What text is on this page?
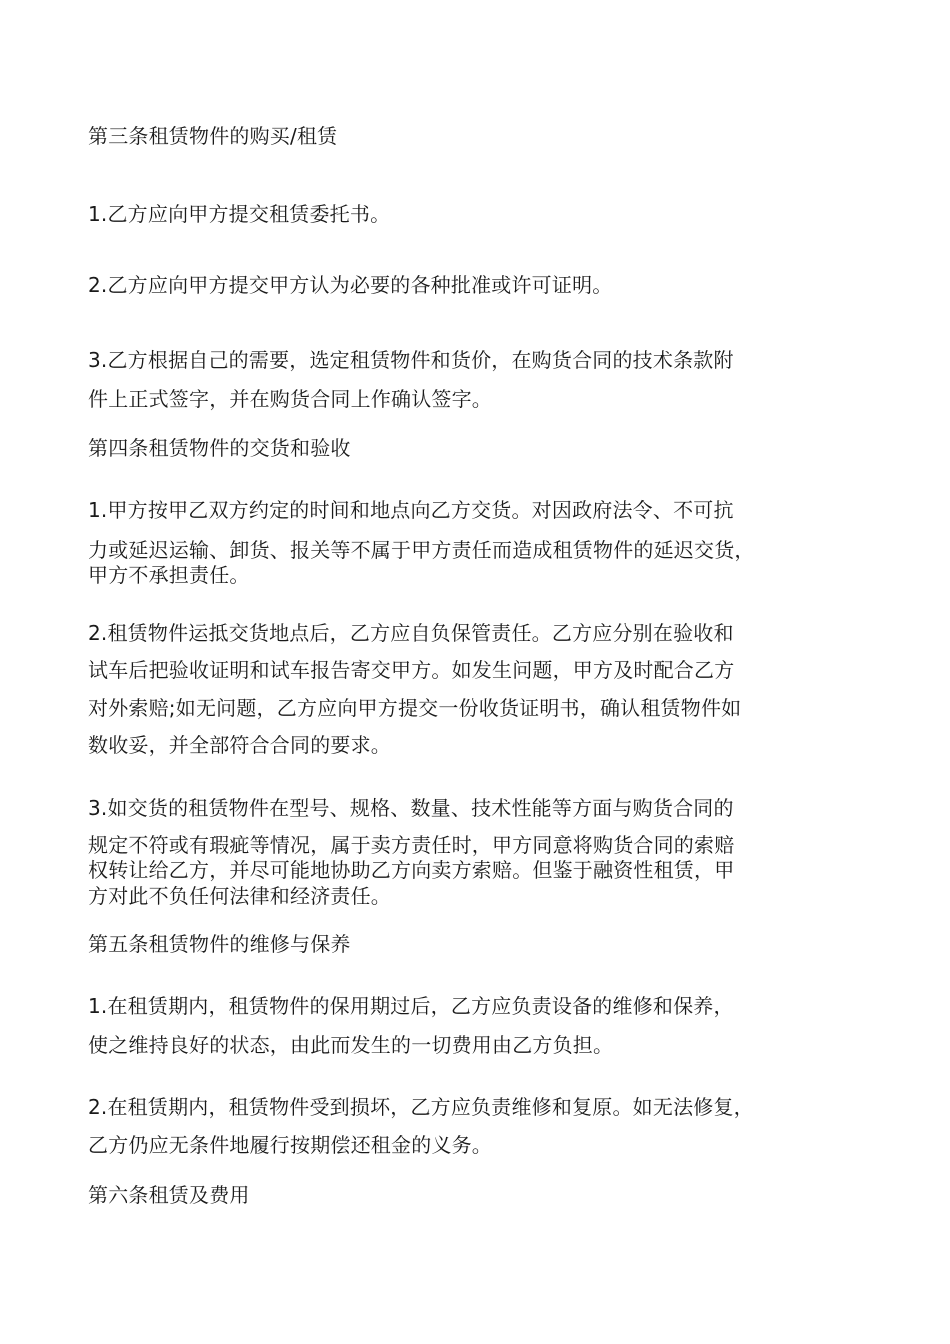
第三条租赁物件的购买/租赁
1.乙方应向甲方提交租赁委托书。
2.乙方应向甲方提交甲方认为必要的各种批准或许可证明。
3.乙方根据自己的需要，选定租赁物件和货价，在购货合同的技术条款附
件上正式签字，并在购货合同上作确认签字。
第四条租赁物件的交货和验收
1.甲方按甲乙双方约定的时间和地点向乙方交货。对因政府法令、不可抗
力或延迟运输、卸货、报关等不属于甲方责任而造成租赁物件的延迟交货，
甲方不承担责任。
2.租赁物件运抵交货地点后，乙方应自负保管责任。乙方应分别在验收和
试车后把验收证明和试车报告寄交甲方。如发生问题，甲方及时配合乙方
对外索赔;如无问题，乙方应向甲方提交一份收货证明书，确认租赁物件如
数收妥，并全部符合合同的要求。
3.如交货的租赁物件在型号、规格、数量、技术性能等方面与购货合同的
规定不符或有瑕疵等情况，属于卖方责任时，甲方同意将购货合同的索赔
权转让给乙方，并尽可能地协助乙方向卖方索赔。但鉴于融资性租赁，甲
方对此不负任何法律和经济责任。
第五条租赁物件的维修与保养
1.在租赁期内，租赁物件的保用期过后，乙方应负责设备的维修和保养，
使之维持良好的状态，由此而发生的一切费用由乙方负担。
2.在租赁期内，租赁物件受到损坏，乙方应负责维修和复原。如无法修复，
乙方仍应无条件地履行按期偿还租金的义务。
第六条租赁及费用
